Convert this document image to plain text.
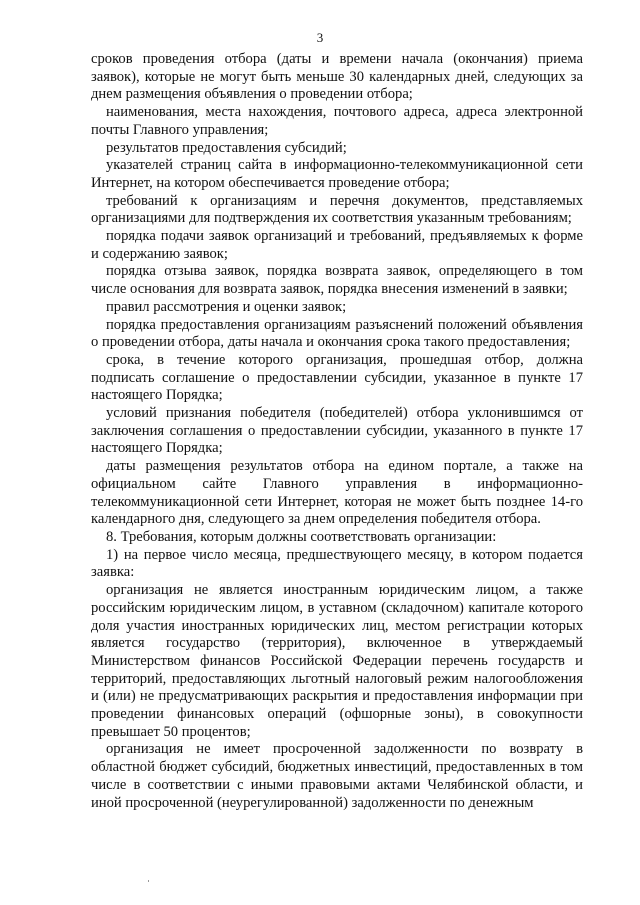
3

сроков проведения отбора (даты и времени начала (окончания) приема заявок), которые не могут быть меньше 30 календарных дней, следующих за днем размещения объявления о проведении отбора;

наименования, места нахождения, почтового адреса, адреса электронной почты Главного управления;

результатов предоставления субсидий;

указателей страниц сайта в информационно-телекоммуникационной сети Интернет, на котором обеспечивается проведение отбора;

требований к организациям и перечня документов, представляемых организациями для подтверждения их соответствия указанным требованиям;

порядка подачи заявок организаций и требований, предъявляемых к форме и содержанию заявок;

порядка отзыва заявок, порядка возврата заявок, определяющего в том числе основания для возврата заявок, порядка внесения изменений в заявки;

правил рассмотрения и оценки заявок;

порядка предоставления организациям разъяснений положений объявления о проведении отбора, даты начала и окончания срока такого предоставления;

срока, в течение которого организация, прошедшая отбор, должна подписать соглашение о предоставлении субсидии, указанное в пункте 17 настоящего Порядка;

условий признания победителя (победителей) отбора уклонившимся от заключения соглашения о предоставлении субсидии, указанного в пункте 17 настоящего Порядка;

даты размещения результатов отбора на едином портале, а также на официальном сайте Главного управления в информационно-телекоммуникационной сети Интернет, которая не может быть позднее 14-го календарного дня, следующего за днем определения победителя отбора.

8. Требования, которым должны соответствовать организации:

1) на первое число месяца, предшествующего месяцу, в котором подается заявка:

организация не является иностранным юридическим лицом, а также российским юридическим лицом, в уставном (складочном) капитале которого доля участия иностранных юридических лиц, местом регистрации которых является государство (территория), включенное в утверждаемый Министерством финансов Российской Федерации перечень государств и территорий, предоставляющих льготный налоговый режим налогообложения и (или) не предусматривающих раскрытия и предоставления информации при проведении финансовых операций (офшорные зоны), в совокупности превышает 50 процентов;

организация не имеет просроченной задолженности по возврату в областной бюджет субсидий, бюджетных инвестиций, предоставленных в том числе в соответствии с иными правовыми актами Челябинской области, и иной просроченной (неурегулированной) задолженности по денежным
